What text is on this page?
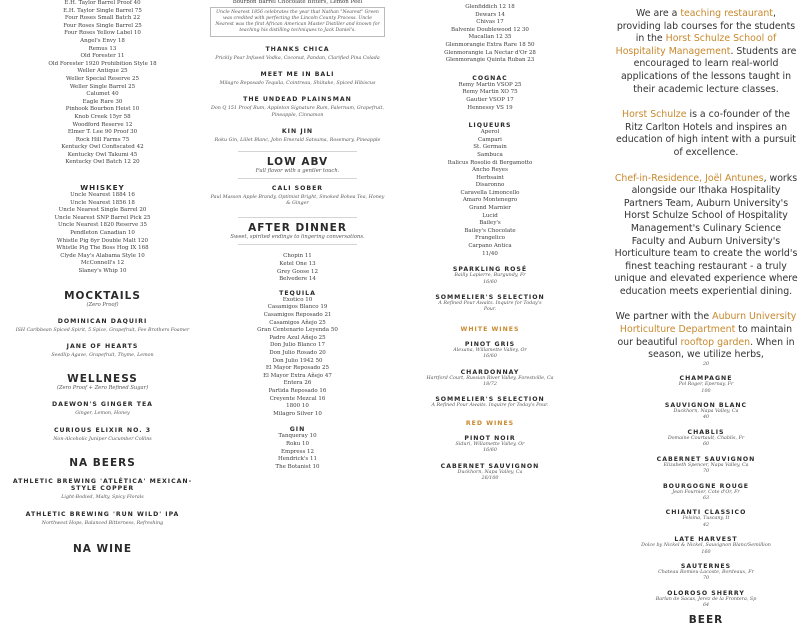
E.H. Taylor Barrel Proof 40
E.H. Taylor Single Barrel 75
Four Roses Small Batch 22
Four Roses Single Barrel 25
Four Roses Yellow Label 10
Angel's Envy 18
Remus 13
Old Forester 11
Old Forester 1920 Prohibition Style 18
Weller Antique 25
Weller Special Reserve 25
Weller Single Barrel 25
Calumet 40
Eagle Rare 30
Pinhook Bourbon Heist 10
Knob Creek 15yr 58
Woodford Reserve 12
Elmer T. Lee 90 Proof 30
Rock Hill Farms 75
Kentucky Owl Confiscated 42
Kentucky Owl Takumi 45
Kentucky Owl Batch 12 20
WHISKEY
Uncle Nearest 1884 16
Uncle Nearest 1856 18
Uncle Nearest Single Barrel 20
Uncle Nearest SNP Barrel Pick 25
Uncle Nearest 1820 Reserve 35
Pendleton Canadian 10
Whistle Pig 6yr Double Malt 120
Whistle Pig The Boss Hog IX 168
Clyde May's Alabama Style 10
McConnell's 12
Slaney's Whip 10
MOCKTAILS
(Zero Proof)
DOMINICAN DAQUIRI
ISH Caribbean Spiced Spirit, 5 Spice, Grapefruit, Fee Brothers Foamer
JANE OF HEARTS
Seedlip Agave, Grapefruit, Thyme, Lemon
WELLNESS
(Zero Proof + Zero Refined Sugar)
DAEWON'S GINGER TEA
Ginger, Lemon, Honey
CURIOUS ELIXIR NO. 3
Non-Alcoholic Juniper Cucumber Collins
NA BEERS
ATHLETIC BREWING 'ATLÉTICA' MEXICAN-STYLE COPPER
Light-Bodied, Malty, Spicy Florals
ATHLETIC BREWING 'RUN WILD' IPA
Northwest Hops, Balanced Bitterness, Refreshing
NA WINE
Bourbon Barrel Chocolate Bitters, Lemon Peel
Uncle Nearest 1856 celebrates the year that Nathan "Nearest" Green was credited with perfecting the Lincoln County Process. Uncle Nearest was the first African American Master Distiller and known for teaching his distilling techniques to Jack Daniel's.
THANKS CHICA
Prickly Pear Infused Vodka, Coconut, Pandan, Clarified Pina Colada
MEET ME IN BALI
Milagro Reposado Tequila, Cointreau, Shiitake, Spiced Hibiscus
THE UNDEAD PLAINSMAN
Don Q 151 Proof Rum, Appleton Signature Rum, Falernum, Grapefruit, Pineapple, Cinnamon
KIN JIN
Roku Gin, Lillet Blanc, John Emerald Satsuma, Rosemary, Pineapple
LOW ABV
Full flavor with a gentler touch.
CALI SOBER
Paul Masson Apple Brandy, Optimist Bright, Smoked Bohea Tea, Honey & Ginger
AFTER DINNER
Sweet, spirited endings to lingering conversations.
Chopin 11
Ketel One 13
Grey Goose 12
Belvedere 14
TEQUILA
Exotico 10
Casamigos Blanco 19
Casamigos Reposado 21
Casamigos Añejo 25
Gran Centenario Leyenda 50
Padre Azul Añejo 25
Don Julio Blanco 17
Don Julio Rosado 20
Don Julio 1942 50
El Mayor Reposado 25
El Mayor Extra Añejo 47
Entera 26
Partida Reposado 16
Creyente Mezcal 16
1800 10
Milagro Silver 10
GIN
Tanqueray 10
Roku 10
Empress 12
Hendrick's 11
The Botanist 10
Glenfiddich 12 18
Dewars 14
Chivas 17
Balvenie Doublewood 12 30
Macallan 12 35
Glenmorangie Extra Rare 18 50
Glenmorangie La Nectar d'Or 28
Glenmorangie Quinta Ruban 23
COGNAC
Remy Martin VSOP 25
Remy Martin XO 75
Gautier VSOP 17
Hennessy VS 19
LIQUEURS
Aperol
Campari
St. Germain
Sambuca
Italicus Rosolio di Bergamotto
Ancho Reyes
Herbsaint
Disaronno
Caravella Limoncello
Amaro Montenegro
Grand Marnier
Lucid
Bailey's
Bailey's Chocolate
Frangelico
Carpano Antica
11/40
SPARKLING ROSÉ
Bailly Lapierre, Burgundy, Fr
16/60
SOMMELIER'S SELECTION
A Refined Pour Awaits. Inquire for Today's Pour.
WHITE WINES
PINOT GRIS
Alexana, Willamette Valley, Or
16/60
CHARDONNAY
Hartford Court, Russian River Valley, Forestville, Ca
18/72
SOMMELIER'S SELECTION
A Refined Pour Awaits. Inquire for Today's Pour.
RED WINES
PINOT NOIR
Siduri, Willamette Valley, Or
16/60
CABERNET SAUVIGNON
Duckhorn, Napa Valley, Ca
26/100

We are a teaching restaurant, providing lab courses for the students in the Horst Schulze School of Hospitality Management. Students are encouraged to learn real-world applications of the lessons taught in their academic lecture classes.

Horst Schulze is a co-founder of the Ritz Carlton Hotels and inspires an education of high intent with a pursuit of excellence.

Chef-in-Residence, Joël Antunes, works alongside our Ithaka Hospitality Partners Team, Auburn University's Horst Schulze School of Hospitality Management's Culinary Science Faculty and Auburn University's Horticulture team to create the world's finest teaching restaurant - a truly unique and elevated experience where education meets experiential dining.

We partner with the Auburn University Horticulture Department to maintain our beautiful rooftop garden. When in season, we utilize herbs,

20
CHAMPAGNE
Pol Roger, Epernay, Fr
100
SAUVIGNON BLANC
Duckhorn, Napa Valley, Ca
40
CHABLIS
Domaine Courtault, Chablis, Fr
60
CABERNET SAUVIGNON
Elizabeth Spencer, Napa Valley, Ca
70
BOURGOGNE ROUGE
Jean Fournier, Cote d'Or, Fr
63
CHIANTI CLASSICO
Felsina, Tuscany, It
42
LATE HARVEST
Dolce by Nickel & Nickel, Sauvignon Blanc/Semillion
160
SAUTERNES
Chateau Romieu-Lacoste, Bordeaux, Fr
70
OLOROSO SHERRY
Barlan de Sacas, Jerez de la Frontera, Sp
64
BEER
